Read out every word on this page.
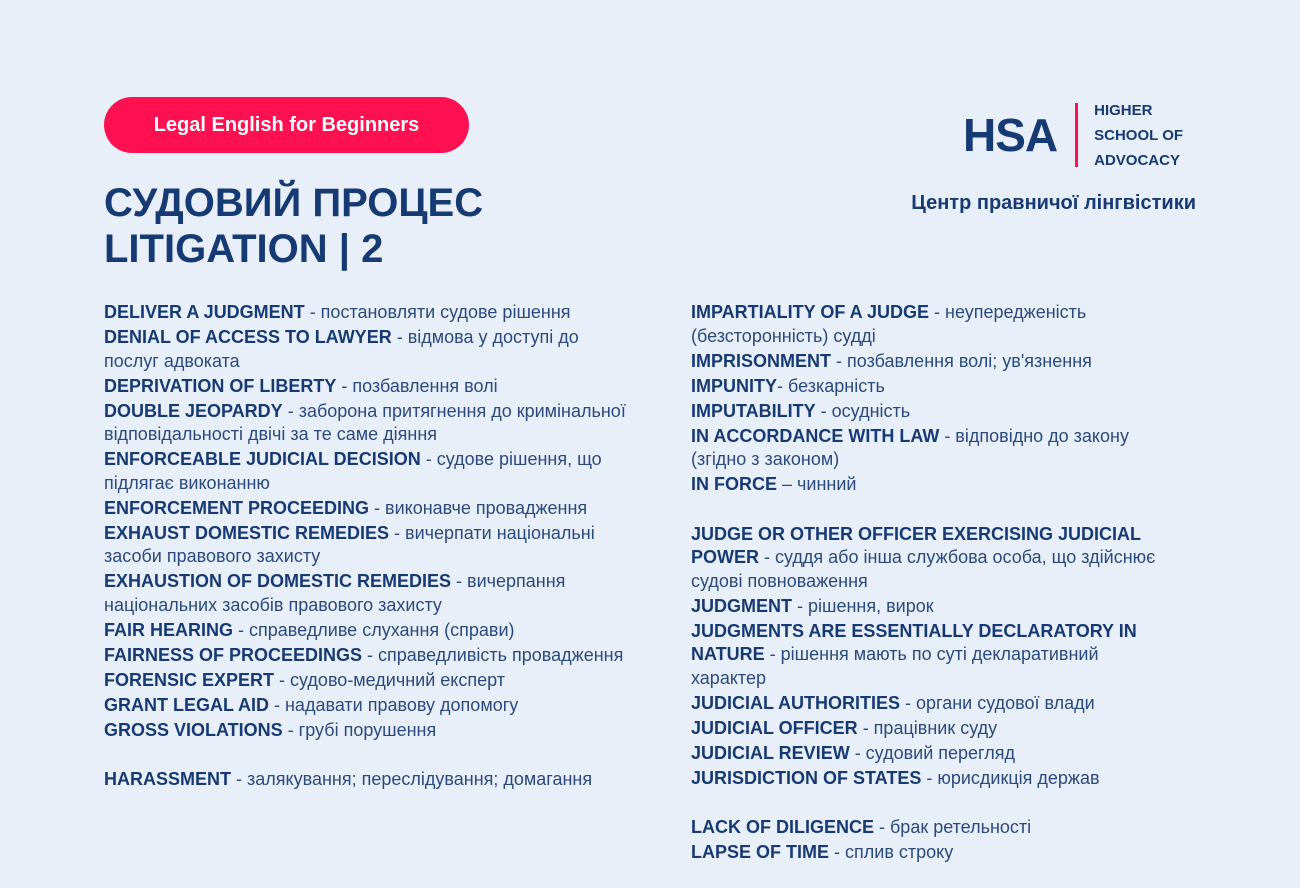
Legal English for Beginners
СУДОВИЙ ПРОЦЕС
LITIGATION | 2
HSA HIGHER
SCHOOL OF
ADVOCACY
Центр правничої лінгвістики
DELIVER A JUDGMENT - постановляти судове рішення
DENIAL OF ACCESS TO LAWYER - відмова у доступі до послуг адвоката
DEPRIVATION OF LIBERTY - позбавлення волі
DOUBLE JEOPARDY - заборона притягнення до кримінальної відповідальності двічі за те саме діяння
ENFORCEABLE JUDICIAL DECISION - судове рішення, що підлягає виконанню
ENFORCEMENT PROCEEDING - виконавче провадження
EXHAUST DOMESTIC REMEDIES - вичерпати національні засоби правового захисту
EXHAUSTION OF DOMESTIC REMEDIES - вичерпання національних засобів правового захисту
FAIR HEARING - справедливе слухання (справи)
FAIRNESS OF PROCEEDINGS - справедливість провадження
FORENSIC EXPERT - судово-медичний експерт
GRANT LEGAL AID - надавати правову допомогу
GROSS VIOLATIONS - грубі порушення
HARASSMENT - залякування; переслідування; домагання
IMPARTIALITY OF A JUDGE - неупередженість (безсторонність) судді
IMPRISONMENT - позбавлення волі; ув'язнення
IMPUNITY- безкарність
IMPUTABILITY - осудність
IN ACCORDANCE WITH LAW - відповідно до закону (згідно з законом)
IN FORCE – чинний
JUDGE OR OTHER OFFICER EXERCISING JUDICIAL POWER - суддя або інша службова особа, що здійснює судові повноваження
JUDGMENT - рішення, вирок
JUDGMENTS ARE ESSENTIALLY DECLARATORY IN NATURE - рішення мають по суті декларативний характер
JUDICIAL AUTHORITIES - органи судової влади
JUDICIAL OFFICER - працівник суду
JUDICIAL REVIEW - судовий перегляд
JURISDICTION OF STATES - юрисдикція держав
LACK OF DILIGENCE - брак ретельності
LAPSE OF TIME - сплив строку
